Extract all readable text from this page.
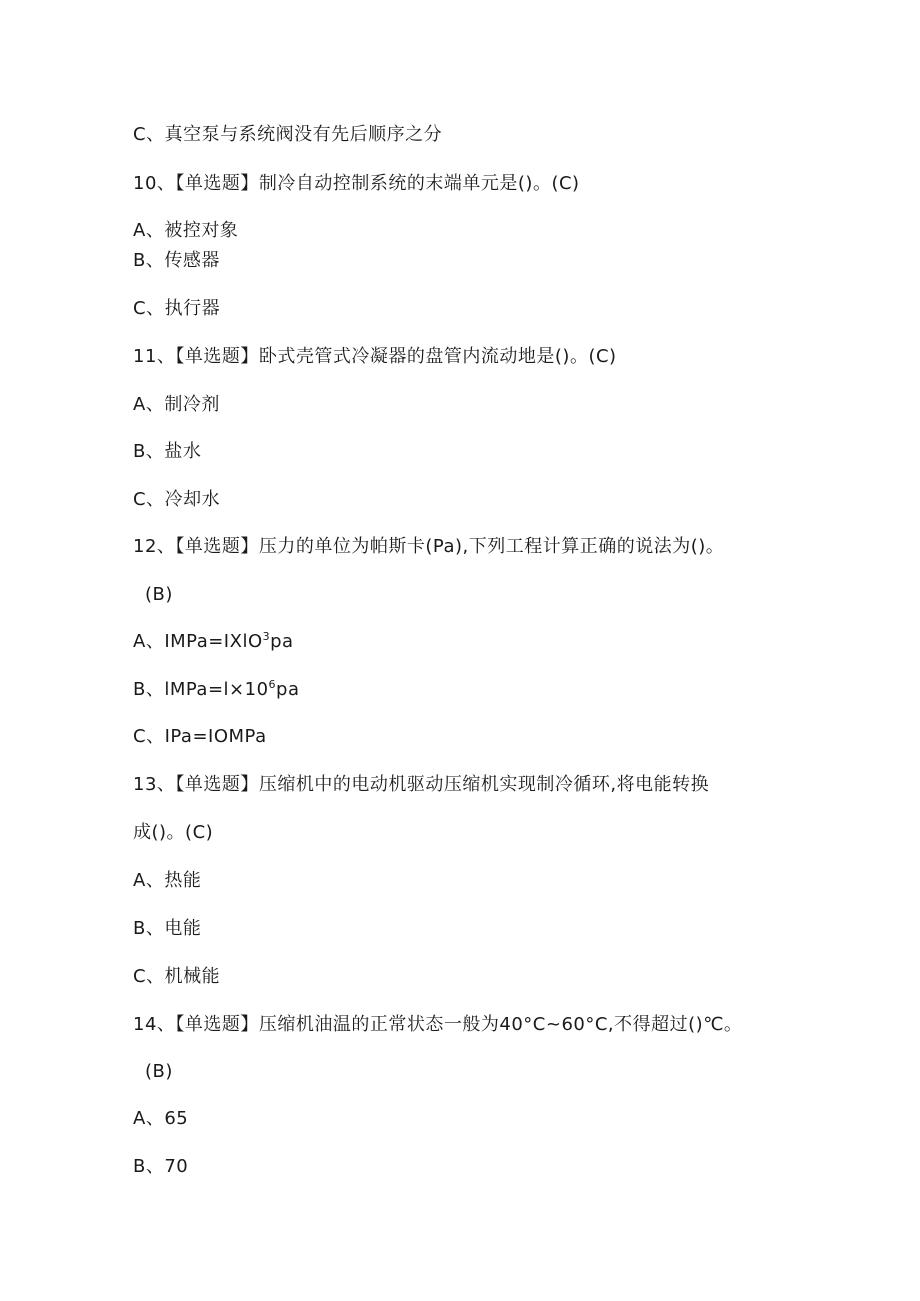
C、真空泵与系统阀没有先后顺序之分
10、【单选题】制冷自动控制系统的末端单元是()。(C)
A、被控对象
B、传感器
C、执行器
11、【单选题】卧式壳管式冷凝器的盘管内流动地是()。(C)
A、制冷剂
B、盐水
C、冷却水
12、【单选题】压力的单位为帕斯卡(Pa),下列工程计算正确的说法为()。
(B)
A、IMPa=IXlO$^3$pa
B、$lMPa=l\times 10^6pa$
C、IPa=IOMPa
13、【单选题】压缩机中的电动机驱动压缩机实现制冷循环,将电能转换
成()。(C)
A、热能
B、电能
C、机械能
14、【单选题】压缩机油温的正常状态一般为40°C~60°C,不得超过()℃。
(B)
A、65
B、70
